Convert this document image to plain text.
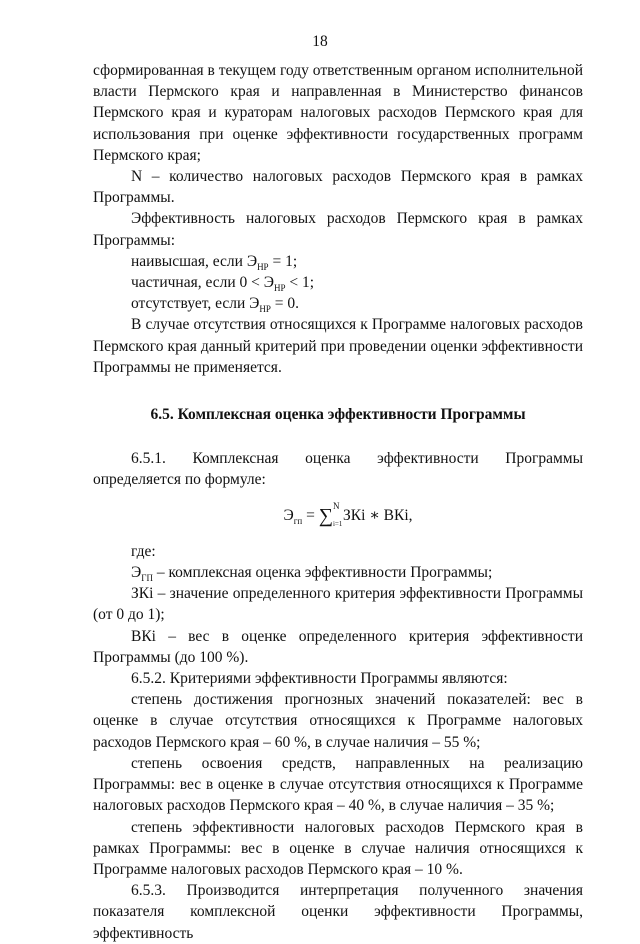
18

сформированная в текущем году ответственным органом исполнительной власти Пермского края и направленная в Министерство финансов Пермского края и кураторам налоговых расходов Пермского края для использования при оценке эффективности государственных программ Пермского края;

N – количество налоговых расходов Пермского края в рамках Программы.

Эффективность налоговых расходов Пермского края в рамках Программы:

наивысшая, если $Э_{НР} = 1$;

частичная, если $0 < Э_{НР} < 1$;

отсутствует, если $Э_{НР} = 0$.

В случае отсутствия относящихся к Программе налоговых расходов Пермского края данный критерий при проведении оценки эффективности Программы не применяется.

6.5. Комплексная оценка эффективности Программы

6.5.1. Комплексная оценка эффективности Программы определяется по формуле:

$Э_{гп}$ = ∑ N
i=1 ЗКi ∗ ВКi,

где:

$Э_{ГП}$ – комплексная оценка эффективности Программы;

ЗКi – значение определенного критерия эффективности Программы (от 0 до 1);

ВКi – вес в оценке определенного критерия эффективности Программы (до 100 %).

6.5.2. Критериями эффективности Программы являются:

степень достижения прогнозных значений показателей: вес в оценке в случае отсутствия относящихся к Программе налоговых расходов Пермского края – 60 %, в случае наличия – 55 %;

степень освоения средств, направленных на реализацию Программы: вес в оценке в случае отсутствия относящихся к Программе налоговых расходов Пермского края – 40 %, в случае наличия – 35 %;

степень эффективности налоговых расходов Пермского края в рамках Программы: вес в оценке в случае наличия относящихся к Программе налоговых расходов Пермского края – 10 %.

6.5.3. Производится интерпретация полученного значения показателя комплексной оценки эффективности Программы, эффективность
